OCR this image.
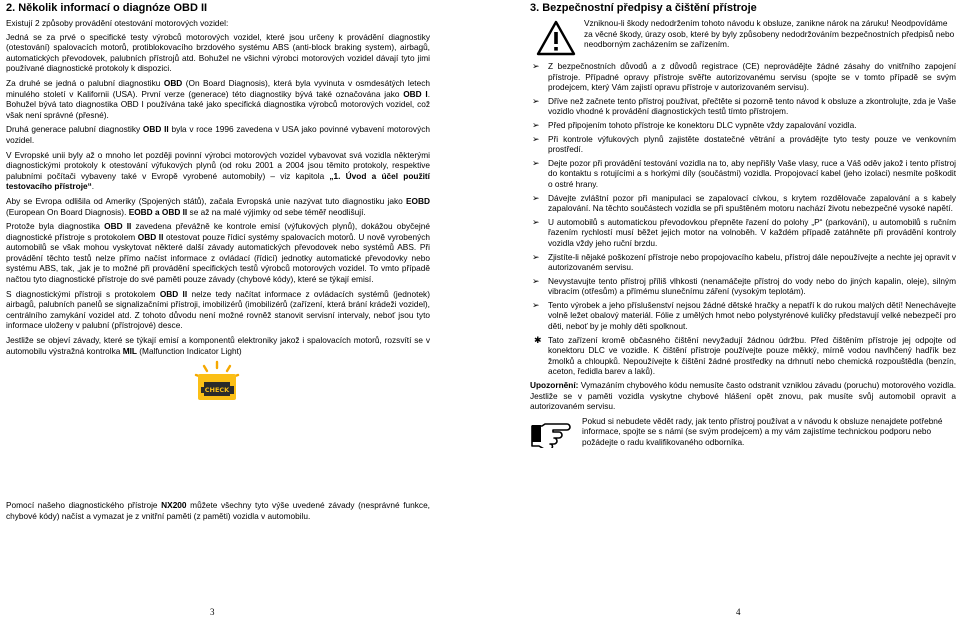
2. Několik informací o diagnóze OBD II

Existují 2 způsoby provádění otestování motorových vozidel:

Jedná se za prvé o specifické testy výrobců motorových vozidel, které jsou určeny k provádění diagnostiky (otestování) spalovacích motorů, protiblokovacího brzdového systému ABS (anti-block braking system), airbagů, automatických převodovek, palubních přístrojů atd. Bohužel ne všichni výrobci motorových vozidel dávají tyto jimi používané diagnostické protokoly k dispozici.

Za druhé se jedná o palubní diagnostiku OBD (On Board Diagnosis), která byla vyvinuta v osmdesátých letech minulého století v Kalifornii (USA). První verze (generace) této diagnostiky bývá také označována jako OBD I. Bohužel bývá tato diagnostika OBD I používána také jako specifická diagnostika výrobců motorových vozidel, což však není správné (přesné).

Druhá generace palubní diagnostiky OBD II byla v roce 1996 zavedena v USA jako povinné vybavení motorových vozidel.

V Evropské unii byly až o mnoho let později povinní výrobci motorových vozidel vybavovat svá vozidla některými diagnostickými protokoly k otestování výfukových plynů (od roku 2001 a 2004 jsou těmito protokoly, respektive palubními počítači vybaveny také v Evropě vyrobené automobily) – viz kapitola „1. Úvod a účel použití testovacího přístroje“.

Aby se Evropa odlišila od Ameriky (Spojených států), začala Evropská unie nazývat tuto diagnostiku jako EOBD (European On Board Diagnosis). EOBD a OBD II se až na malé výjimky od sebe téměř neodlišují.

Protože byla diagnostika OBD II zavedena převážně ke kontrole emisí (výfukových plynů), dokážou obyčejné diagnostické přístroje s protokolem OBD II otestovat pouze řídicí systémy spalovacích motorů. U nově vyrobených automobilů se však mohou vyskytovat některé další závady automatických převodovek nebo systémů ABS. Při provádění těchto testů nelze přímo načíst informace z ovládací (řídicí) jednotky automatické převodovky nebo systému ABS, tak, „jak je to možné při provádění specifických testů výrobců motorových vozidel. To vmto případě načtou tyto diagnostické přístroje do své paměti pouze závady (chybové kódy), které se týkají emisí.

S diagnostickými přístroji s protokolem OBD II nelze tedy načítat informace z ovládacích systémů (jednotek) airbagů, palubních panelů se signalizačními přístroji, imobilizérů (imobilizérů (zařízení, která brání krádeži vozidel), centrálního zamykání vozidel atd. Z tohoto důvodu není možné rovněž stanovit servisní intervaly, neboť jsou tyto informace uloženy v palubní (přístrojové) desce.

Jestliže se objeví závady, které se týkají emisí a komponentů elektroniky jakož i spalovacích motorů, rozsvítí se v automobilu výstražná kontrolka MIL (Malfunction Indicator Light)

CHECK

Pomocí našeho diagnostického přístroje NX200 můžete všechny tyto výše uvedené závady (nesprávné funkce, chybové kódy) načíst a vymazat je z vnitřní paměti (z paměti) vozidla v automobilu.

3
3. Bezpečnostní předpisy a čištění přístroje
Vzniknou-li škody nedodržením tohoto návodu k obsluze, zanikne nárok na záruku! Neodpovídáme za věcné škody, úrazy osob, které by byly způsobeny nedodržováním bezpečnostních předpisů nebo neodborným zacházením se zařízením.
➢ Z bezpečnostních důvodů a z důvodů registrace (CE) neprovádějte žádné zásahy do vnitřního zapojení přístroje. Případné opravy přístroje svěřte autorizovanému servisu (spojte se v tomto případě se svým prodejcem, který Vám zajistí opravu přístroje v autorizovaném servisu).
➢ Dříve než začnete tento přístroj používat, přečtěte si pozorně tento návod k obsluze a zkontrolujte, zda je Vaše vozidlo vhodné k provádění diagnostických testů tímto přístrojem.
➢ Před připojením tohoto přístroje ke konektoru DLC vypněte vždy zapalování vozidla.
➢ Při kontrole výfukových plynů zajistěte dostatečné větrání a provádějte tyto testy pouze ve venkovním prostředí.
➢ Dejte pozor při provádění testování vozidla na to, aby nepřišly Vaše vlasy, ruce a Váš oděv jakož i tento přístroj do kontaktu s rotujícími a s horkými díly (součástmi) vozidla. Propojovací kabel (jeho izolaci) nesmíte poškodit o ostré hrany.
➢ Dávejte zvláštní pozor při manipulaci se zapalovací cívkou, s krytem rozdělovače zapalování a s kabely zapalování. Na těchto součástech vozidla se při spuštěném motoru nachází životu nebezpečné vysoké napětí.
➢ U automobilů s automatickou převodovkou přepněte řazení do polohy „P“ (parkování), u automobilů s ručním řazením rychlostí musí běžet jejich motor na volnoběh. V každém případě zatáhněte při provádění kontroly vozidla vždy jeho ruční brzdu.
➢ Zjistíte-li nějaké poškození přístroje nebo propojovacího kabelu, přístroj dále nepoužívejte a nechte jej opravit v autorizovaném servisu.
➢ Nevystavujte tento přístroj příliš vlhkosti (nenamáčejte přístroj do vody nebo do jiných kapalin, oleje), silným vibracím (otřesům) a přímému slunečnímu záření (vysokým teplotám).
➢ Tento výrobek a jeho příslušenství nejsou žádné dětské hračky a nepatří k do rukou malých dětí! Nenechávejte volně ležet obalový materiál. Fólie z umělých hmot nebo polystyrénové kuličky představují velké nebezpečí pro děti, neboť by je mohly děti spolknout.
✱ Tato zařízení kromě občasného čištění nevyžadují žádnou údržbu. Před čištěním přístroje jej odpojte od konektoru DLC ve vozidle. K čištění přístroje používejte pouze měkký, mírně vodou navlhčený hadřík bez žmolků a chloupků. Nepoužívejte k čištění žádné prostředky na drhnutí nebo chemická rozpouštědla (benzín, aceton, ředidla barev a laků).

Upozornění: Vymazáním chybového kódu nemusíte často odstranit vzniklou závadu (poruchu) motorového vozidla. Jestliže se v paměti vozidla vyskytne chybové hlášení opět znovu, pak musíte svůj automobil opravit a autorizovaném servisu.

Pokud si nebudete vědět rady, jak tento přístroj používat a v návodu k obsluze nenajdete potřebné informace, spojte se s námi (se svým prodejcem) a my vám zajistíme technickou podporu nebo požádejte o radu kvalifikovaného odborníka.
4
